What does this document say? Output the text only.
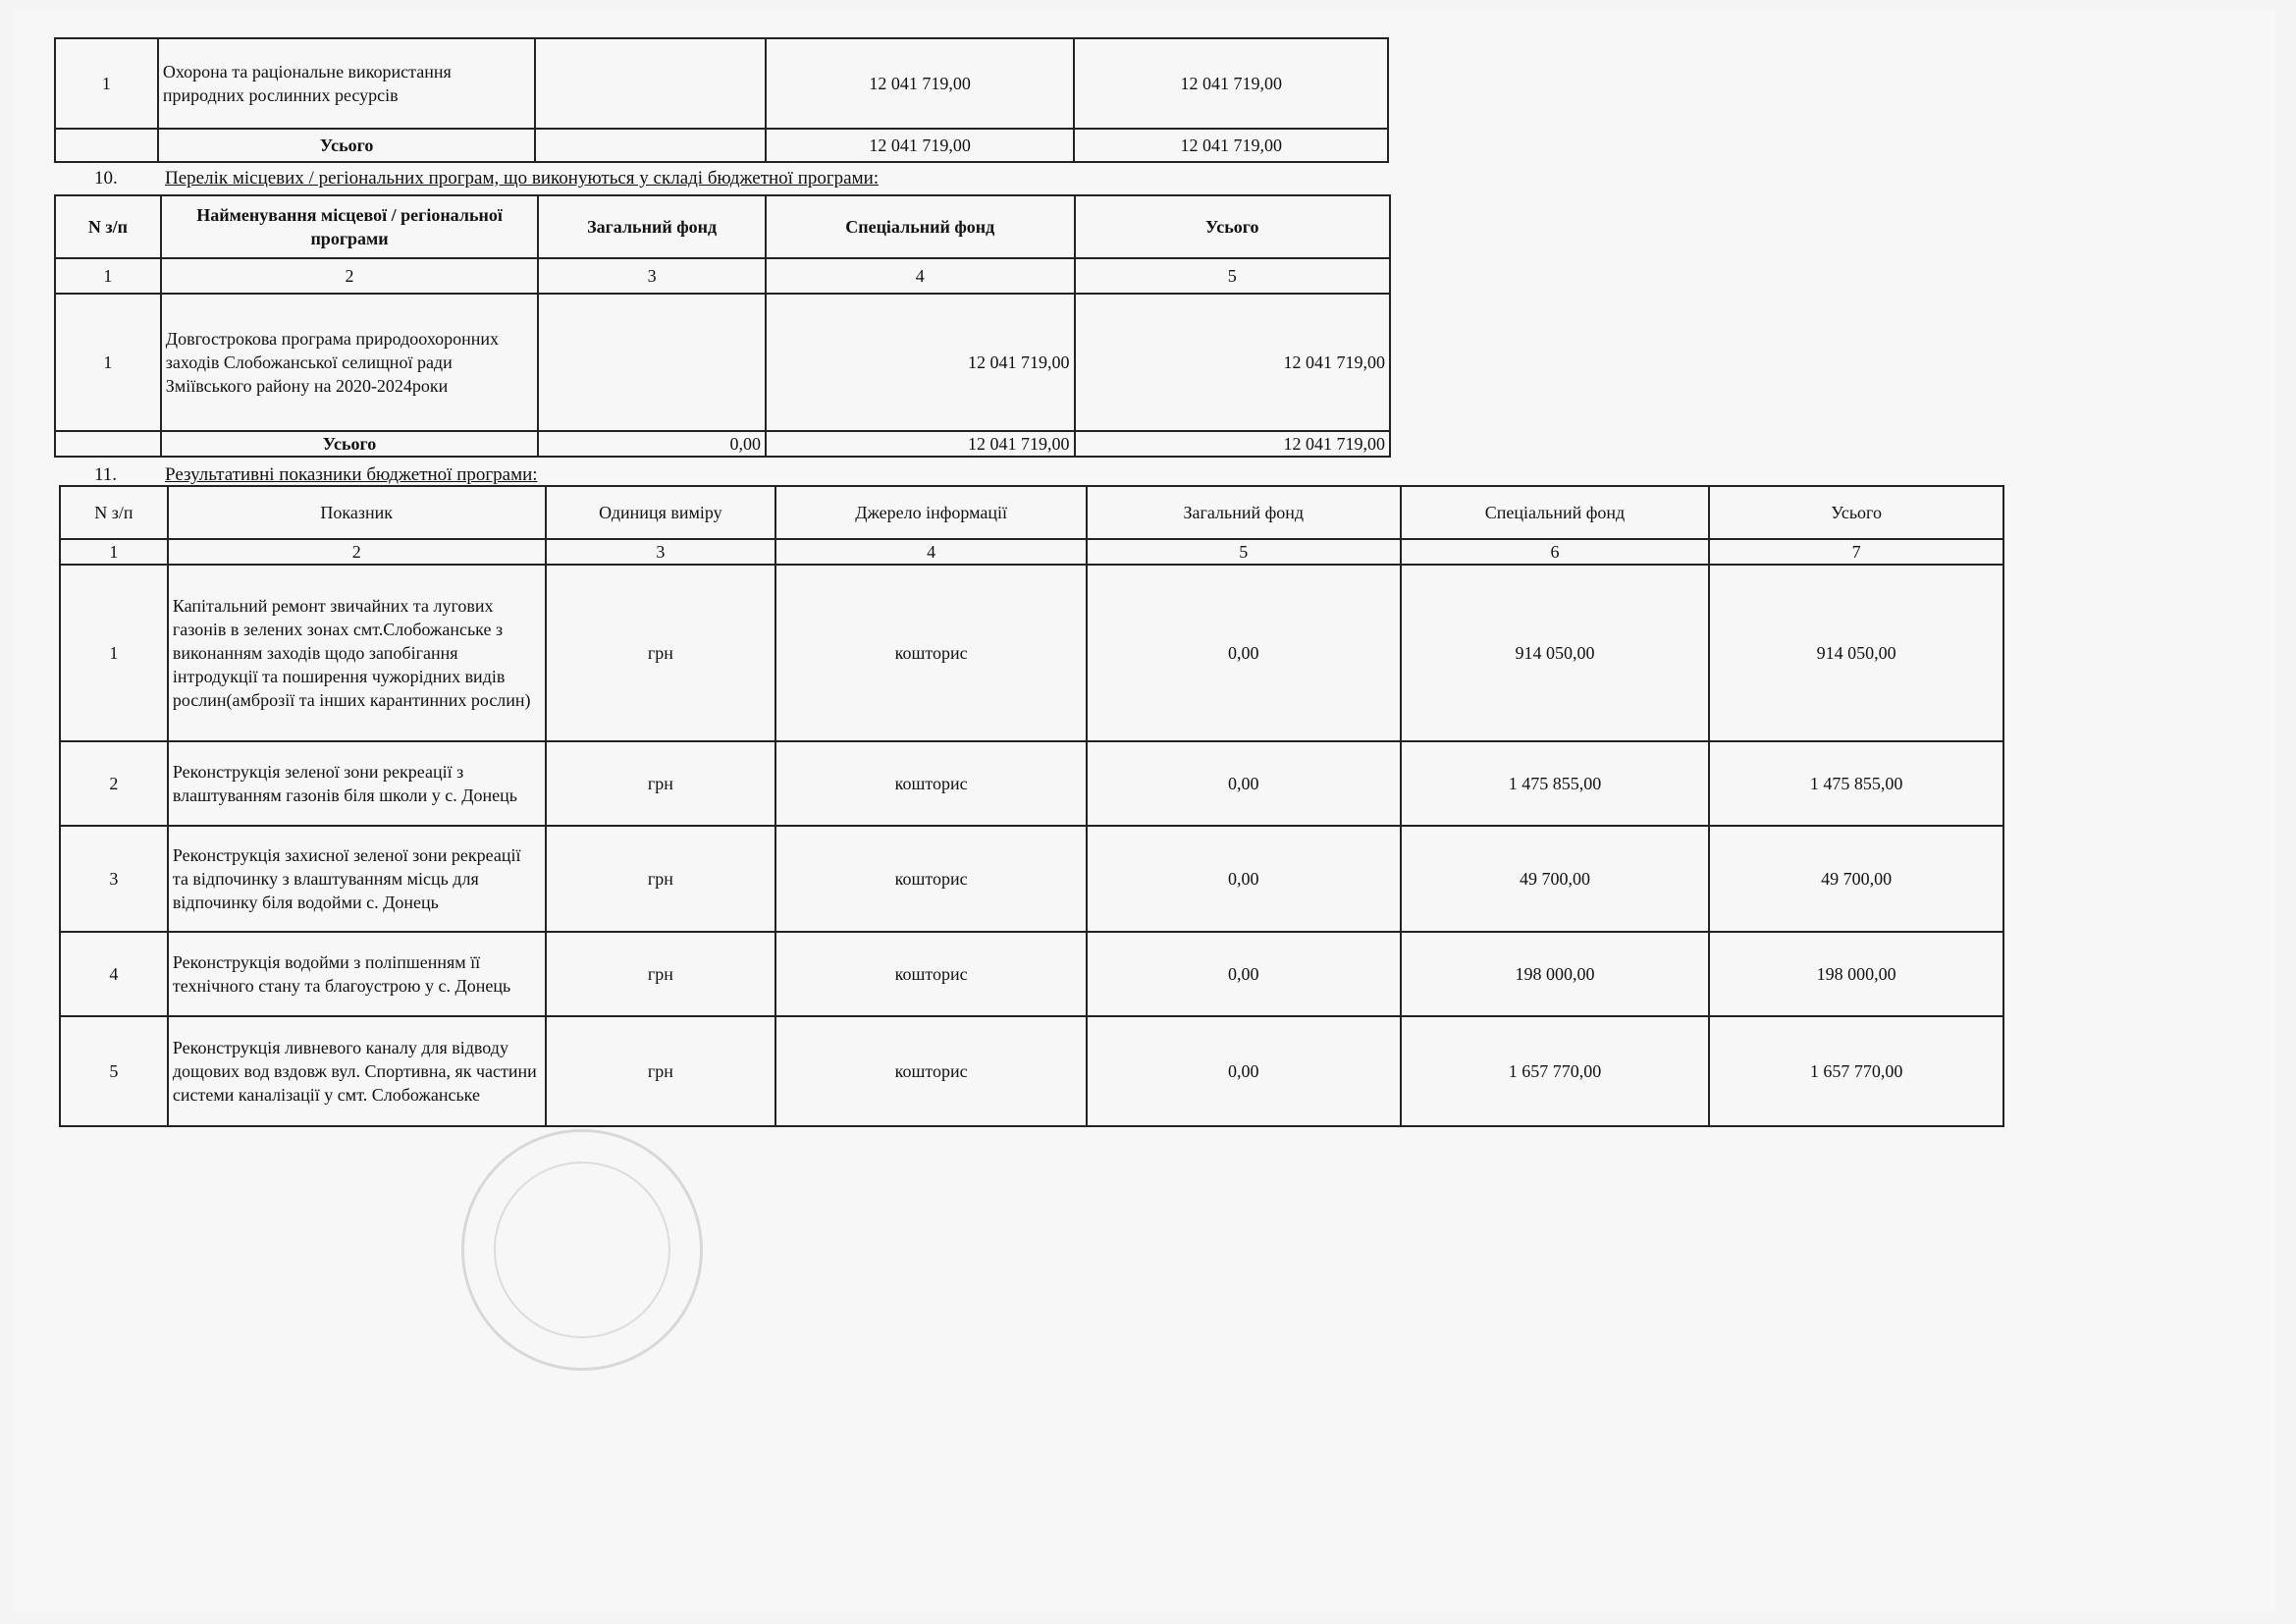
1	Охорона та раціональне використання природних рослинних ресурсів		12 041 719,00	12 041 719,00
	Усього		12 041 719,00	12 041 719,00
10.	Перелік місцевих / регіональних програм, що виконуються у складі бюджетної програми:
N з/п	Найменування місцевої / регіональної програми	Загальний фонд	Спеціальний фонд	Усього
1	2	3	4	5
1	Довгострокова програма природоохоронних заходів Слобожанської селищної ради Змiївського району на 2020-2024роки		12 041 719,00	12 041 719,00
	Усього	0,00	12 041 719,00	12 041 719,00
11.	Результативні показники бюджетної програми:
N з/п	Показник	Одиниця виміру	Джерело інформації	Загальний фонд	Спеціальний фонд	Усього
1	2	3	4	5	6	7
1	Капітальний ремонт звичайних та лугових газонів в зелених зонах смт.Слобожанське з виконанням заходів щодо запобігання інтродукції та поширення чужорідних видів рослин(амброзії та інших карантинних рослин)	грн	кошторис	0,00	914 050,00	914 050,00
2	Реконструкція зеленої зони рекреації з влаштуванням газонів біля школи у с. Донець	грн	кошторис	0,00	1 475 855,00	1 475 855,00
3	Реконструкція захисної зеленої зони рекреації та відпочинку з влаштуванням місць для відпочинку біля водойми с. Донець	грн	кошторис	0,00	49 700,00	49 700,00
4	Реконструкція водойми з поліпшенням її технічного стану та благоустрою у с. Донець	грн	кошторис	0,00	198 000,00	198 000,00
5	Реконструкція ливневого каналу для відводу дощових вод вздовж вул. Спортивна, як частини системи каналізації у смт. Слобожанське	грн	кошторис	0,00	1 657 770,00	1 657 770,00
